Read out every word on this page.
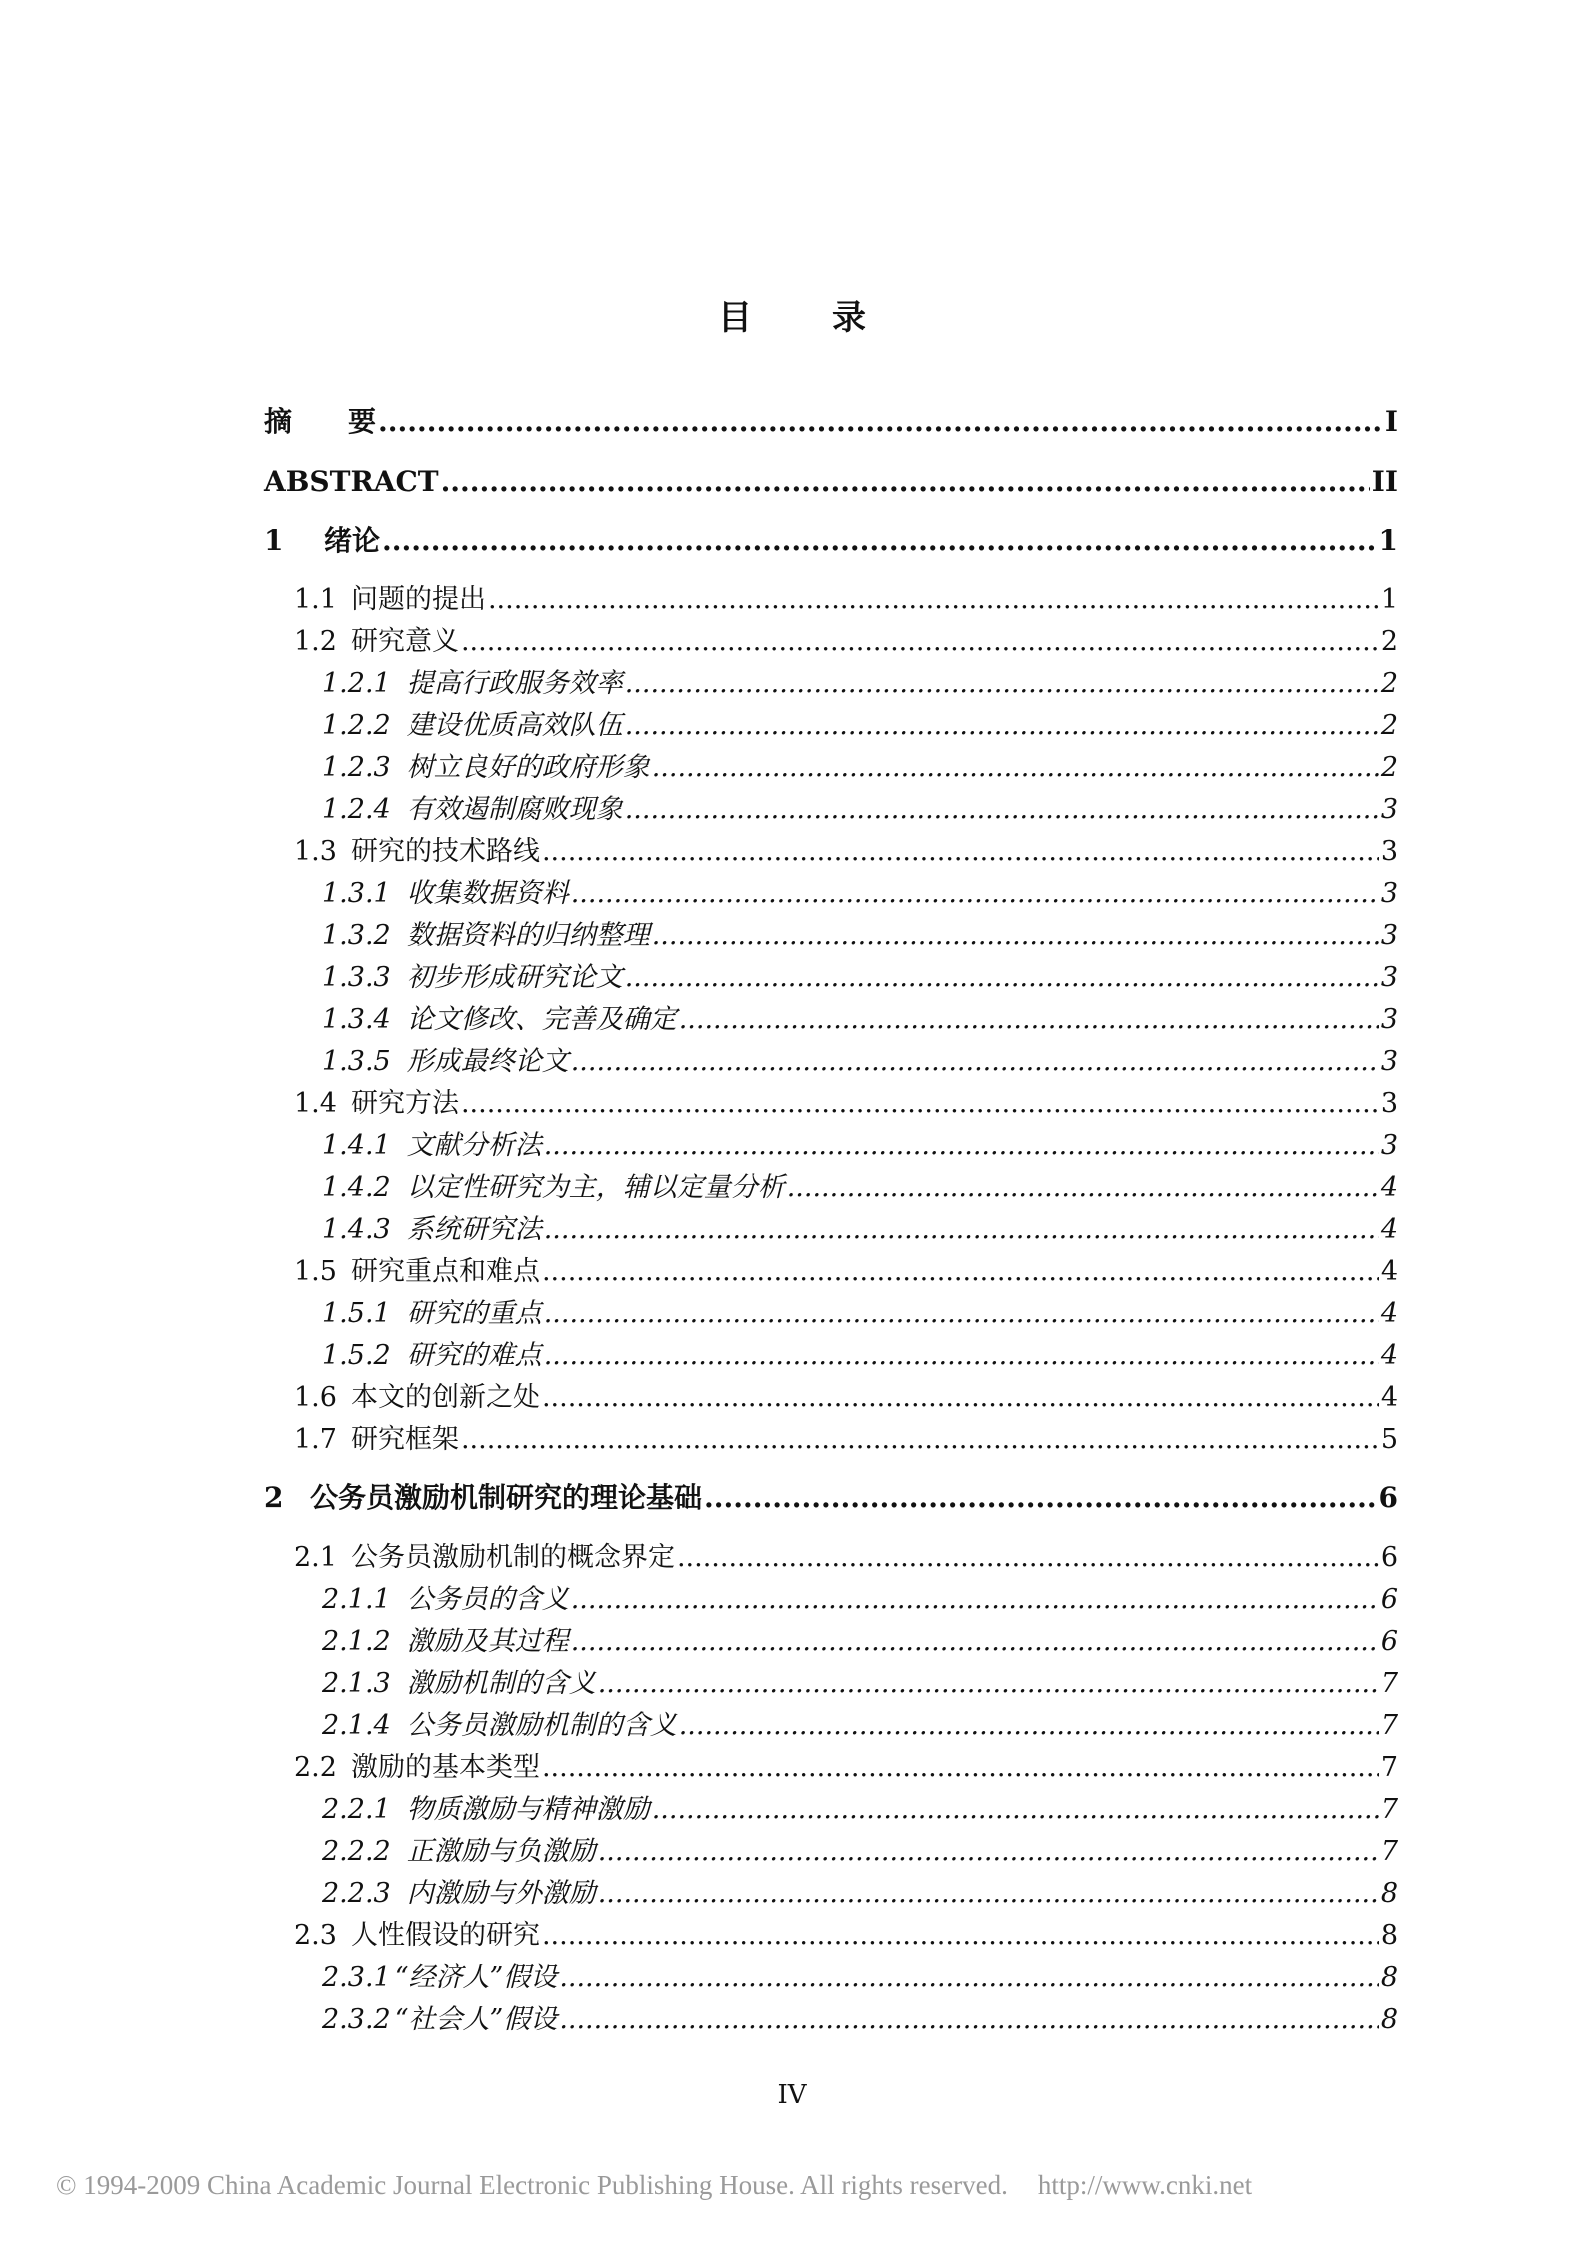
目 录
摘　　要 .....	I
ABSTRACT .....	II
1 绪论 .....	1
1.1 问题的提出 .....	1
1.2 研究意义 .....	2
1.2.1 提高行政服务效率 .....	2
1.2.2 建设优质高效队伍 .....	2
1.2.3 树立良好的政府形象 .....	2
1.2.4 有效遏制腐败现象 .....	3
1.3 研究的技术路线 .....	3
1.3.1 收集数据资料 .....	3
1.3.2 数据资料的归纳整理 .....	3
1.3.3 初步形成研究论文 .....	3
1.3.4 论文修改、完善及确定 .....	3
1.3.5 形成最终论文 .....	3
1.4 研究方法 .....	3
1.4.1 文献分析法 .....	3
1.4.2 以定性研究为主，辅以定量分析 .....	4
1.4.3 系统研究法 .....	4
1.5 研究重点和难点 .....	4
1.5.1 研究的重点 .....	4
1.5.2 研究的难点 .....	4
1.6 本文的创新之处 .....	4
1.7 研究框架 .....	5
2 公务员激励机制研究的理论基础 .....	6
2.1 公务员激励机制的概念界定 .....	6
2.1.1 公务员的含义 .....	6
2.1.2 激励及其过程 .....	6
2.1.3 激励机制的含义 .....	7
2.1.4 公务员激励机制的含义 .....	7
2.2 激励的基本类型 .....	7
2.2.1 物质激励与精神激励 .....	7
2.2.2 正激励与负激励 .....	7
2.2.3 内激励与外激励 .....	8
2.3 人性假设的研究 .....	8
2.3.1 “经济人”假设 .....	8
2.3.2 “社会人”假设 .....	8
IV
© 1994-2009 China Academic Journal Electronic Publishing House. All rights reserved. http://www.cnki.net
